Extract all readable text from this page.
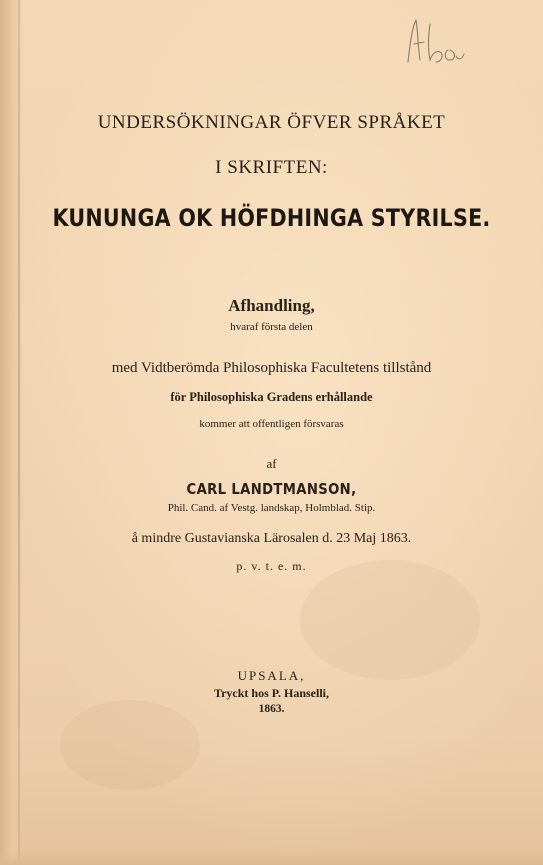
UNDERSÖKNINGAR ÖFVER SPRÅKET
I SKRIFTEN:
KUNUNGA OK HÖFDHINGA STYRILSE.
Afhandling,
hvaraf första delen
med Vidtberömda Philosophiska Facultetens tillstånd
för Philosophiska Gradens erhållande
kommer att offentligen försvaras
af
CARL LANDTMANSON,
Phil. Cand. af Vestg. landskap, Holmblad. Stip.
å mindre Gustavianska Lärosalen d. 23 Maj 1863.
p. v. t. e. m.
UPSALA,
Tryckt hos P. Hanselli,
1863.
